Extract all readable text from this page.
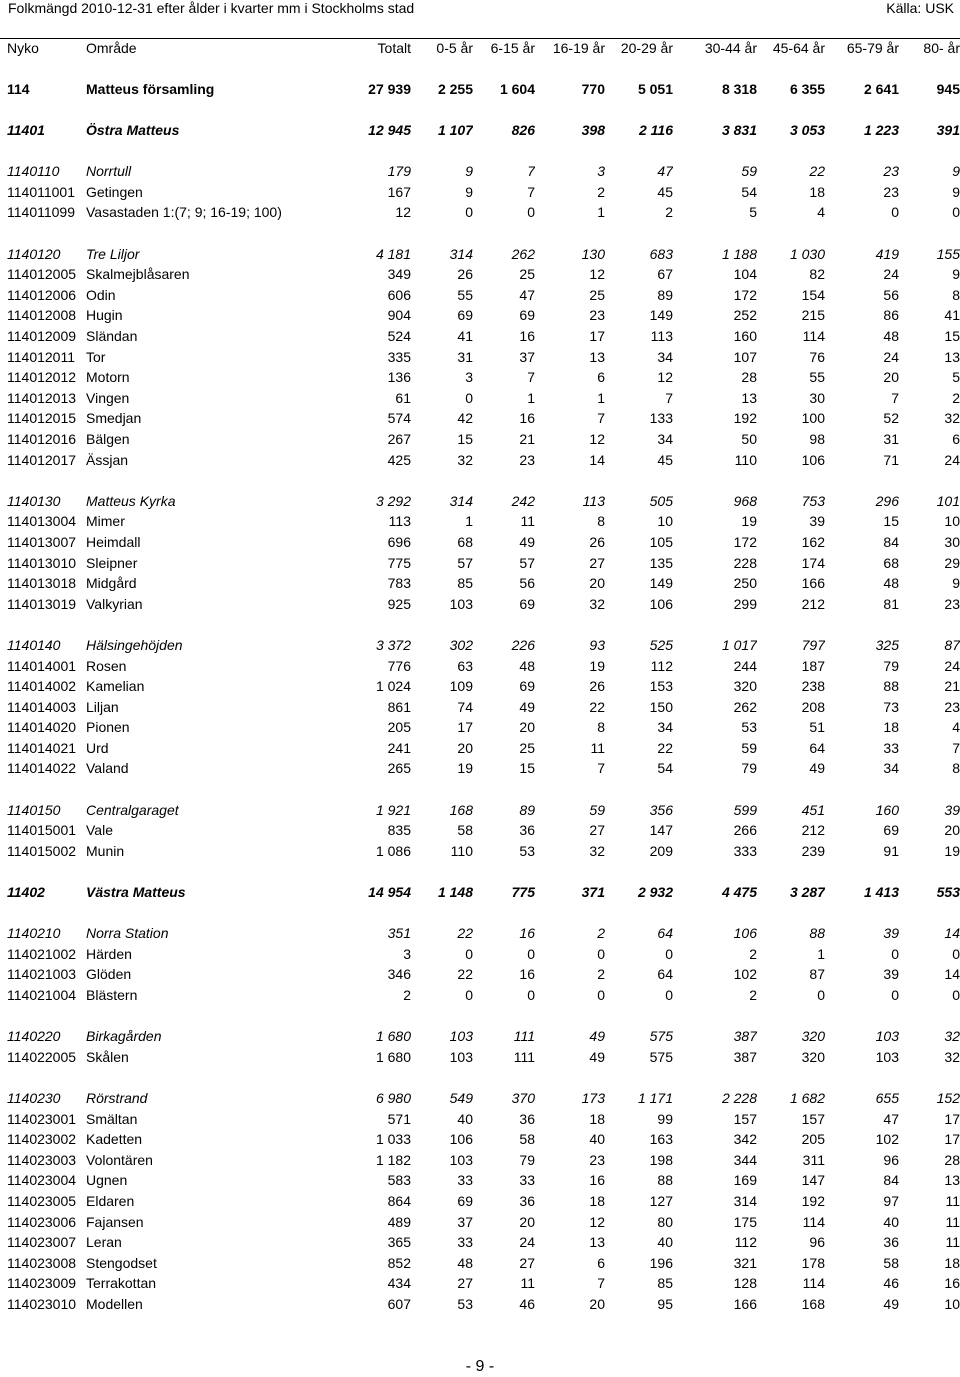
Folkmängd 2010-12-31 efter ålder i kvarter mm i Stockholms stad	Källa: USK
Nyko	Område	Totalt	0-5 år	6-15 år	16-19 år	20-29 år	30-44 år	45-64 år	65-79 år	80- år

114	Matteus församling	27 939	2 255	1 604	770	5 051	8 318	6 355	2 641	945

11401	Östra Matteus	12 945	1 107	826	398	2 116	3 831	3 053	1 223	391

1140110	Norrtull	179	9	7	3	47	59	22	23	9
114011001	Getingen	167	9	7	2	45	54	18	23	9
114011099	Vasastaden 1:(7; 9; 16-19; 100)	12	0	0	1	2	5	4	0	0

1140120	Tre Liljor	4 181	314	262	130	683	1 188	1 030	419	155
114012005	Skalmejblåsaren	349	26	25	12	67	104	82	24	9
114012006	Odin	606	55	47	25	89	172	154	56	8
114012008	Hugin	904	69	69	23	149	252	215	86	41
114012009	Sländan	524	41	16	17	113	160	114	48	15
114012011	Tor	335	31	37	13	34	107	76	24	13
114012012	Motorn	136	3	7	6	12	28	55	20	5
114012013	Vingen	61	0	1	1	7	13	30	7	2
114012015	Smedjan	574	42	16	7	133	192	100	52	32
114012016	Bälgen	267	15	21	12	34	50	98	31	6
114012017	Ässjan	425	32	23	14	45	110	106	71	24

1140130	Matteus Kyrka	3 292	314	242	113	505	968	753	296	101
114013004	Mimer	113	1	11	8	10	19	39	15	10
114013007	Heimdall	696	68	49	26	105	172	162	84	30
114013010	Sleipner	775	57	57	27	135	228	174	68	29
114013018	Midgård	783	85	56	20	149	250	166	48	9
114013019	Valkyrian	925	103	69	32	106	299	212	81	23

1140140	Hälsingehöjden	3 372	302	226	93	525	1 017	797	325	87
114014001	Rosen	776	63	48	19	112	244	187	79	24
114014002	Kamelian	1 024	109	69	26	153	320	238	88	21
114014003	Liljan	861	74	49	22	150	262	208	73	23
114014020	Pionen	205	17	20	8	34	53	51	18	4
114014021	Urd	241	20	25	11	22	59	64	33	7
114014022	Valand	265	19	15	7	54	79	49	34	8

1140150	Centralgaraget	1 921	168	89	59	356	599	451	160	39
114015001	Vale	835	58	36	27	147	266	212	69	20
114015002	Munin	1 086	110	53	32	209	333	239	91	19

11402	Västra Matteus	14 954	1 148	775	371	2 932	4 475	3 287	1 413	553

1140210	Norra Station	351	22	16	2	64	106	88	39	14
114021002	Härden	3	0	0	0	0	2	1	0	0
114021003	Glöden	346	22	16	2	64	102	87	39	14
114021004	Blästern	2	0	0	0	0	2	0	0	0

1140220	Birkagården	1 680	103	111	49	575	387	320	103	32
114022005	Skålen	1 680	103	111	49	575	387	320	103	32

1140230	Rörstrand	6 980	549	370	173	1 171	2 228	1 682	655	152
114023001	Smältan	571	40	36	18	99	157	157	47	17
114023002	Kadetten	1 033	106	58	40	163	342	205	102	17
114023003	Volontären	1 182	103	79	23	198	344	311	96	28
114023004	Ugnen	583	33	33	16	88	169	147	84	13
114023005	Eldaren	864	69	36	18	127	314	192	97	11
114023006	Fajansen	489	37	20	12	80	175	114	40	11
114023007	Leran	365	33	24	13	40	112	96	36	11
114023008	Stengodset	852	48	27	6	196	321	178	58	18
114023009	Terrakottan	434	27	11	7	85	128	114	46	16
114023010	Modellen	607	53	46	20	95	166	168	49	10
- 9 -
